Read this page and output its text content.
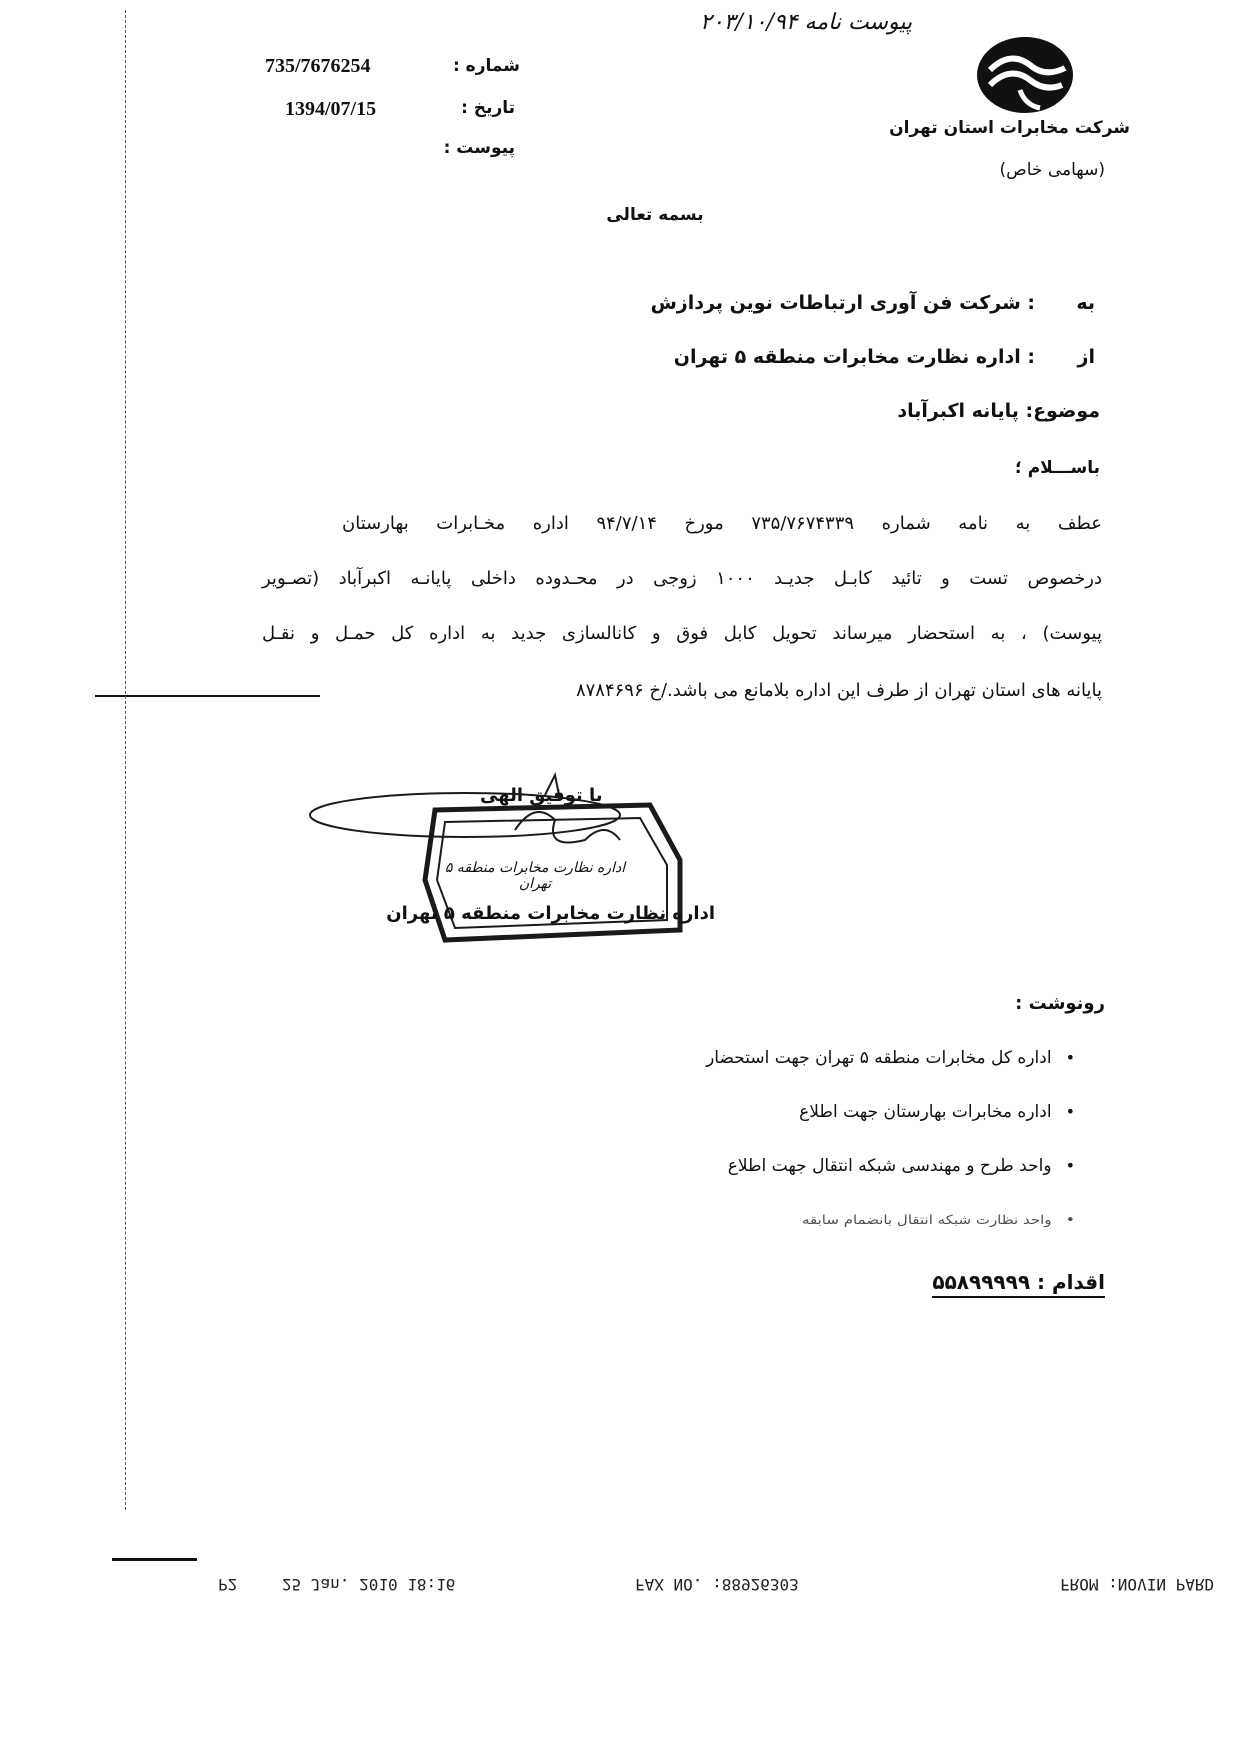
پیوست نامه ۲۰۳/۱۰/۹۴
شرکت مخابرات استان تهران
(سهامی خاص)
735/7676254	شماره :
1394/07/15	تاریخ :
پیوست :
بسمه تعالی
به
: شرکت فن آوری ارتباطات نوین پردازش
از
: اداره نظارت مخابرات منطقه ۵ تهران
موضوع: پایانه اکبرآباد
باســـلام ؛
عطف به نامه شماره ۷۳۵/۷۶۷۴۳۳۹ مورخ ۹۴/۷/۱۴ اداره مخـابرات بهارستان
درخصوص تست و تائید کابـل جدیـد ۱۰۰۰ زوجی در محـدوده داخلی پایانـه اکبرآباد (تصـویر
پیوست) ، به استحضار میرساند تحویل کابل فوق و کانالسازی جدید به اداره کل حمـل و نقـل
پایانه های استان تهران از طرف این اداره بلامانع می باشد./خ ۸۷۸۴۶۹۶
با توفیق الهی
اداره نظارت مخابرات منطقه ۵ تهران
اداره نظارت مخابرات منطقه ۵ تهران
رونوشت :
• اداره کل مخابرات منطقه ۵ تهران جهت استحضار
• اداره مخابرات بهارستان جهت اطلاع
• واحد طرح و مهندسی شبکه انتقال جهت اطلاع
• واحد نظارت شبکه انتقال بانضمام سابقه
اقدام : ۵۵۸۹۹۹۹۹
FROM :NOVIN PARD
FAX NO. :88926303
25 Jan. 2010 18:16
P2
